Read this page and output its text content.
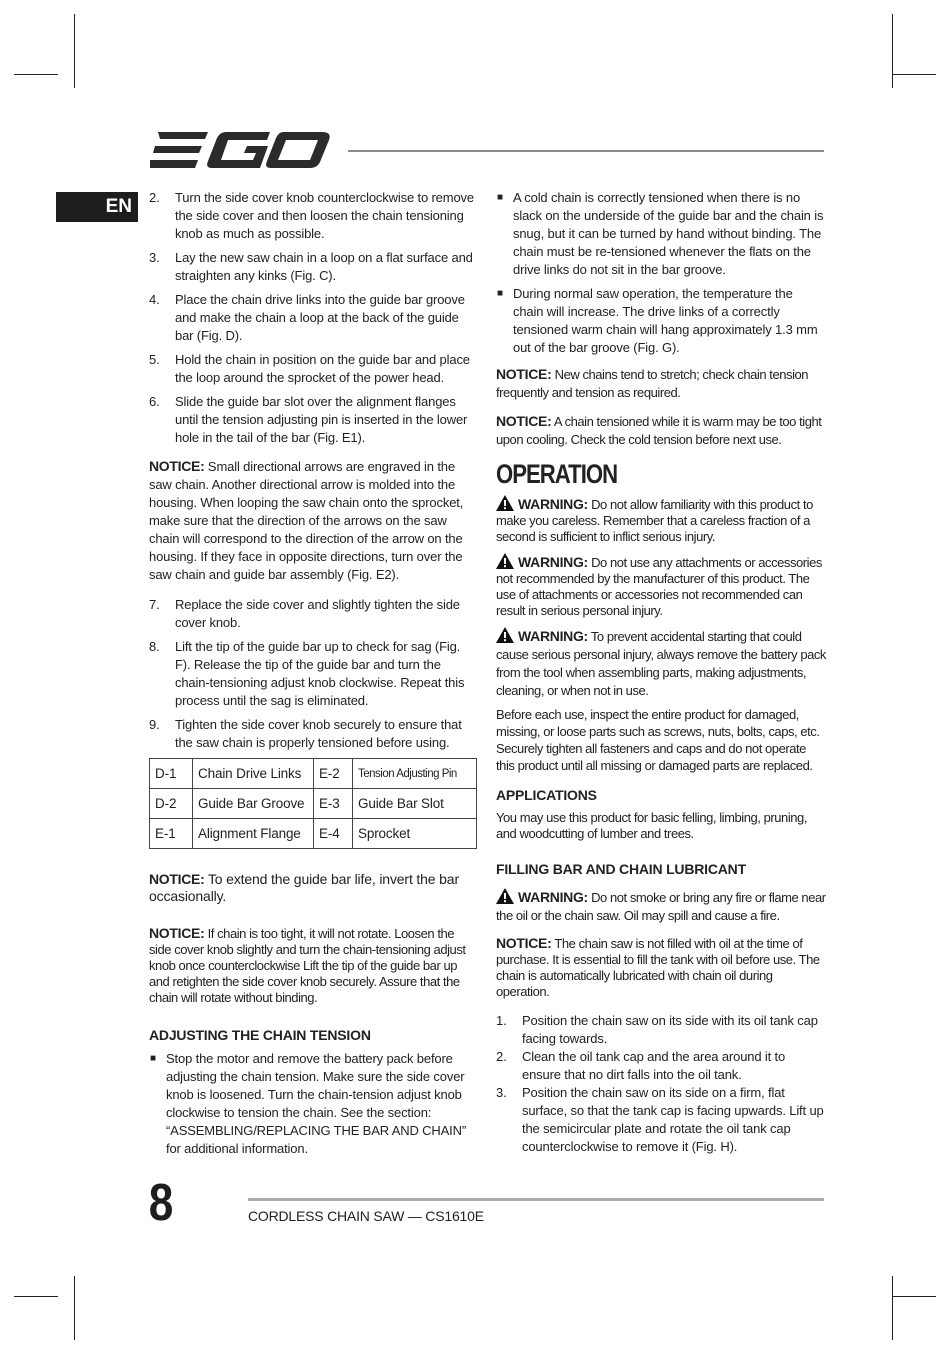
EN	2. Turn the side cover knob counterclockwise to remove the side cover and then loosen the chain tensioning knob as much as possible.
3. Lay the new saw chain in a loop on a flat surface and straighten any kinks (Fig. C).
4. Place the chain drive links into the guide bar groove and make the chain a loop at the back of the guide bar (Fig. D).
5. Hold the chain in position on the guide bar and place the loop around the sprocket of the power head.
6. Slide the guide bar slot over the alignment flanges until the tension adjusting pin is inserted in the lower hole in the tail of the bar (Fig. E1).

NOTICE: Small directional arrows are engraved in the saw chain. Another directional arrow is molded into the housing. When looping the saw chain onto the sprocket, make sure that the direction of the arrows on the saw chain will correspond to the direction of the arrow on the housing. If they face in opposite directions, turn over the saw chain and guide bar assembly (Fig. E2).

7. Replace the side cover and slightly tighten the side cover knob.
8. Lift the tip of the guide bar up to check for sag (Fig. F). Release the tip of the guide bar and turn the chain-tensioning adjust knob clockwise. Repeat this process until the sag is eliminated.
9. Tighten the side cover knob securely to ensure that the saw chain is properly tensioned before using.
D-1	Chain Drive Links	E-2	Tension Adjusting Pin
D-2	Guide Bar Groove	E-3	Guide Bar Slot
E-1	Alignment Flange	E-4	Sprocket

NOTICE: To extend the guide bar life, invert the bar occasionally.

NOTICE: If chain is too tight, it will not rotate. Loosen the side cover knob slightly and turn the chain-tensioning adjust knob once counterclockwise Lift the tip of the guide bar up and retighten the side cover knob securely. Assure that the chain will rotate without binding.

ADJUSTING THE CHAIN TENSION
■ Stop the motor and remove the battery pack before adjusting the chain tension. Make sure the side cover knob is loosened. Turn the chain-tension adjust knob clockwise to tension the chain. See the section: “ASSEMBLING/REPLACING THE BAR AND CHAIN” for additional information.
■ A cold chain is correctly tensioned when there is no slack on the underside of the guide bar and the chain is snug, but it can be turned by hand without binding. The chain must be re-tensioned whenever the flats on the drive links do not sit in the bar groove.
■ During normal saw operation, the temperature the chain will increase. The drive links of a correctly tensioned warm chain will hang approximately 1.3 mm out of the bar groove (Fig. G).

NOTICE: New chains tend to stretch; check chain tension frequently and tension as required.

NOTICE: A chain tensioned while it is warm may be too tight upon cooling. Check the cold tension before next use.

OPERATION

WARNING: Do not allow familiarity with this product to make you careless. Remember that a careless fraction of a second is sufficient to inflict serious injury.

WARNING: Do not use any attachments or accessories not recommended by the manufacturer of this product. The use of attachments or accessories not recommended can result in serious personal injury.

WARNING: To prevent accidental starting that could cause serious personal injury, always remove the battery pack from the tool when assembling parts, making adjustments, cleaning, or when not in use.

Before each use, inspect the entire product for damaged, missing, or loose parts such as screws, nuts, bolts, caps, etc. Securely tighten all fasteners and caps and do not operate this product until all missing or damaged parts are replaced.

APPLICATIONS

You may use this product for basic felling, limbing, pruning, and woodcutting of lumber and trees.

FILLING BAR AND CHAIN LUBRICANT

WARNING: Do not smoke or bring any fire or flame near the oil or the chain saw. Oil may spill and cause a fire.

NOTICE: The chain saw is not filled with oil at the time of purchase. It is essential to fill the tank with oil before use. The chain is automatically lubricated with chain oil during operation.

1. Position the chain saw on its side with its oil tank cap facing towards.
2. Clean the oil tank cap and the area around it to ensure that no dirt falls into the oil tank.
3. Position the chain saw on its side on a firm, flat surface, so that the tank cap is facing upwards. Lift up the semicircular plate and rotate the oil tank cap counterclockwise to remove it (Fig. H).
8	CORDLESS CHAIN SAW — CS1610E
